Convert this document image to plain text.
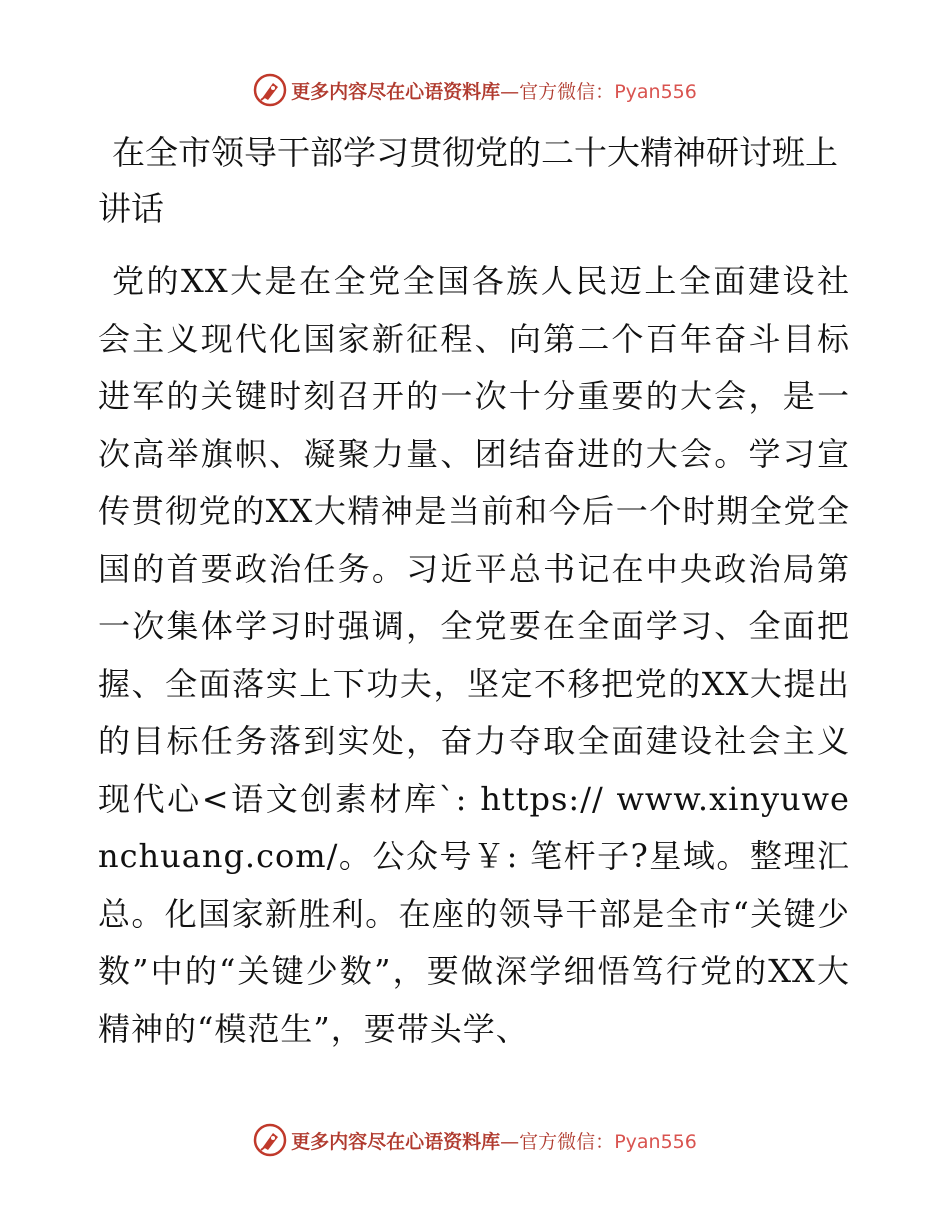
更多内容尽在心语资料库—官方微信：Pyan556
在全市领导干部学习贯彻党的二十大精神研讨班上讲话

党的XX大是在全党全国各族人民迈上全面建设社会主义现代化国家新征程、向第二个百年奋斗目标进军的关键时刻召开的一次十分重要的大会，是一次高举旗帜、凝聚力量、团结奋进的大会。学习宣传贯彻党的XX大精神是当前和今后一个时期全党全国的首要政治任务。习近平总书记在中央政治局第一次集体学习时强调，全党要在全面学习、全面把握、全面落实上下功夫，坚定不移把党的XX大提出的目标任务落到实处，奋力夺取全面建设社会主义现代心<语文创素材库`: https:// www.xinyuwenchuang.com/。公众号￥: 笔杆子?星域。整理汇总。化国家新胜利。在座的领导干部是全市“关键少数”中的“关键少数”，要做深学细悟笃行党的XX大精神的“模范生”，要带头学、

更多内容尽在心语资料库—官方微信：Pyan556
